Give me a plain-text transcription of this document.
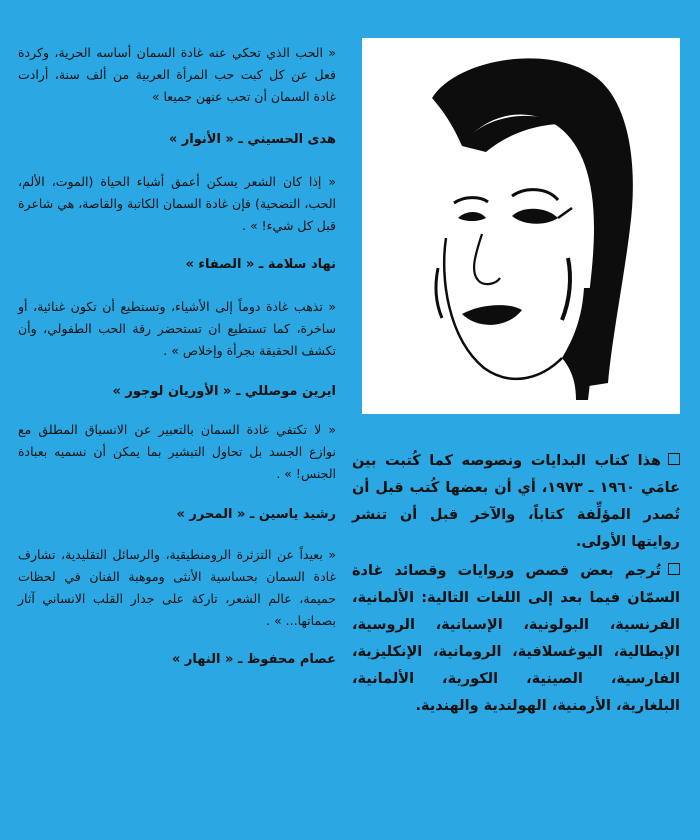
« الحب الذي تحكي عنه غادة السمان أساسه الحرية، وكردة فعل عن كل كبت حب المرأة العربية من ألف سنة، أرادت غادة السمان أن تحب عنهن جميعا »

هدى الحسيني ـ « الأنوار »

« إذا كان الشعر يسكن أعمق أشياء الحياة (الموت، الألم، الحب، التضحية) فإن غادة السمان الكاتبة والقاصة، هي شاعرة قبل كل شيء! » .

نهاد سلامة ـ « الصفاء »

« تذهب غادة دوماً إلى الأشياء، وتستطيع أن تكون غنائية، أو ساخرة، كما تستطيع ان تستحضر رقة الحب الطفولي، وأن تكشف الحقيقة بجرأة وإخلاص » .

ايرين موصللي ـ « الأوريان لوجور »

« لا تكتفي غادة السمان بالتعبير عن الانسياق المطلق مع نوازع الجسد بل تحاول التبشير بما يمكن أن نسميه بعبادة الجنس! » .

رشيد ياسين ـ « المحرر »

« بعيداً عن التزثرة الرومنطيقية، والرسائل التقليدية، تشارف غادة السمان بحساسية الأنثى وموهبة الفنان في لحظات حميمة، عالم الشعر، تاركة على جدار القلب الانساني آثار بصماتها... » .

عصام محفوظ ـ « النهار »

هذا كتاب البدايات ونصوصه كما كُتبت بين عامَي ١٩٦٠ ـ ١٩٧٣، أي أن بعضها كُتب قبل أن تُصدر المؤلِّفة كتاباً، والآخر قبل أن تنشر روايتها الأولى.

تُرجم بعض قصص وروايات وقصائد غادة السمّان فيما بعد إلى اللغات التالية: الألمانية، الفرنسية، البولونية، الإسبانية، الروسية، الإيطالية، اليوغسلافية، الرومانية، الإنكليزية، الفارسية، الصينية، الكورية، الألمانية، البلغارية، الأرمنية، الهولندية والهندية.
